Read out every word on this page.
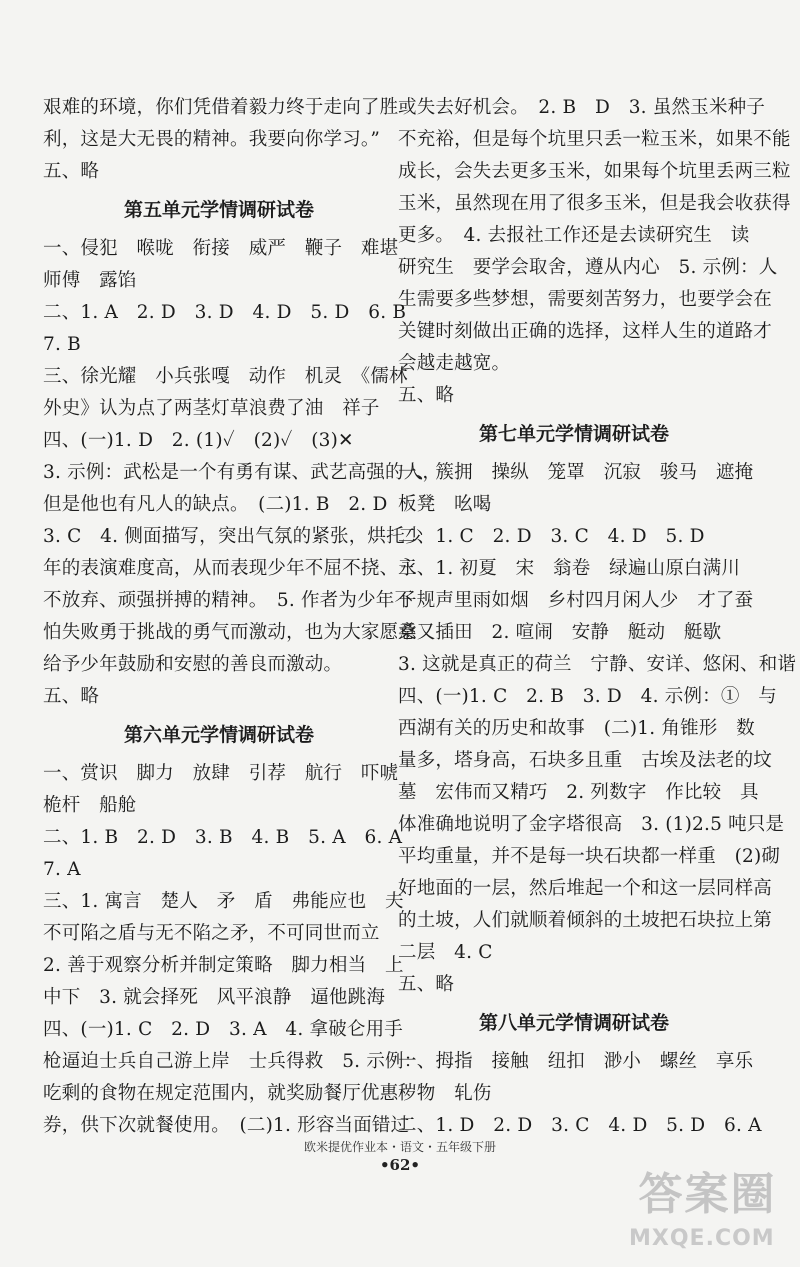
艰难的环境，你们凭借着毅力终于走向了胜
利，这是大无畏的精神。我要向你学习。”
五、略
第五单元学情调研试卷
一、侵犯　喉咙　衔接　威严　鞭子　难堪
师傅　露馅
二、1. A　2. D　3. D　4. D　5. D　6. B
7. B
三、徐光耀　小兵张嘎　动作　机灵　《儒林
外史》认为点了两茎灯草浪费了油　祥子
四、(一)1. D　2. (1)✓　(2)✓　(3)✕
3. 示例：武松是一个有勇有谋、武艺高强的人，
但是他也有凡人的缺点。　(二)1. B　2. D
3. C　4. 侧面描写，突出气氛的紧张，烘托少
年的表演难度高，从而表现少年不屈不挠、永
不放弃、顽强拼搏的精神。　5. 作者为少年不
怕失败勇于挑战的勇气而激动，也为大家愿意
给予少年鼓励和安慰的善良而激动。
五、略
第六单元学情调研试卷
一、赏识　脚力　放肆　引荐　航行　吓唬
桅杆　船舱
二、1. B　2. D　3. B　4. B　5. A　6. A
7. A
三、1. 寓言　楚人　矛　盾　弗能应也　夫
不可陷之盾与无不陷之矛，不可同世而立
2. 善于观察分析并制定策略　脚力相当　上
中下　3. 就会择死　风平浪静　逼他跳海
四、(一)1. C　2. D　3. A　4. 拿破仑用手
枪逼迫士兵自己游上岸　士兵得救　5. 示例：
吃剩的食物在规定范围内，就奖励餐厅优惠
券，供下次就餐使用。　(二)1. 形容当面错过
或失去好机会。　2. B　D　3. 虽然玉米种子
不充裕，但是每个坑里只丢一粒玉米，如果不能
成长，会失去更多玉米，如果每个坑里丢两三粒
玉米，虽然现在用了很多玉米，但是我会收获得
更多。　4. 去报社工作还是去读研究生　读
研究生　要学会取舍，遵从内心　5. 示例：人
生需要多些梦想，需要刻苦努力，也要学会在
关键时刻做出正确的选择，这样人生的道路才
会越走越宽。
五、略
第七单元学情调研试卷
一、簇拥　操纵　笼罩　沉寂　骏马　遮掩
板凳　吆喝
二、1. C　2. D　3. C　4. D　5. D
三、1. 初夏　宋　翁卷　绿遍山原白满川
子规声里雨如烟　乡村四月闲人少　才了蚕
桑又插田　2. 喧闹　安静　艇动　艇歇
3. 这就是真正的荷兰　宁静、安详、悠闲、和谐
四、(一)1. C　2. B　3. D　4. 示例：①　与
西湖有关的历史和故事　(二)1. 角锥形　数
量多，塔身高，石块多且重　古埃及法老的坟
墓　宏伟而又精巧　2. 列数字　作比较　具
体准确地说明了金字塔很高　3. (1)2.5 吨只是
平均重量，并不是每一块石块都一样重　(2)砌
好地面的一层，然后堆起一个和这一层同样高
的土坡，人们就顺着倾斜的土坡把石块拉上第
二层　4. C
五、略
第八单元学情调研试卷
一、拇指　接触　纽扣　渺小　螺丝　享乐
秽物　轧伤
二、1. D　2. D　3. C　4. D　5. D　6. A
欧米提优作业本・语文・五年级下册
•62•
答案圈
MXQE.COM
